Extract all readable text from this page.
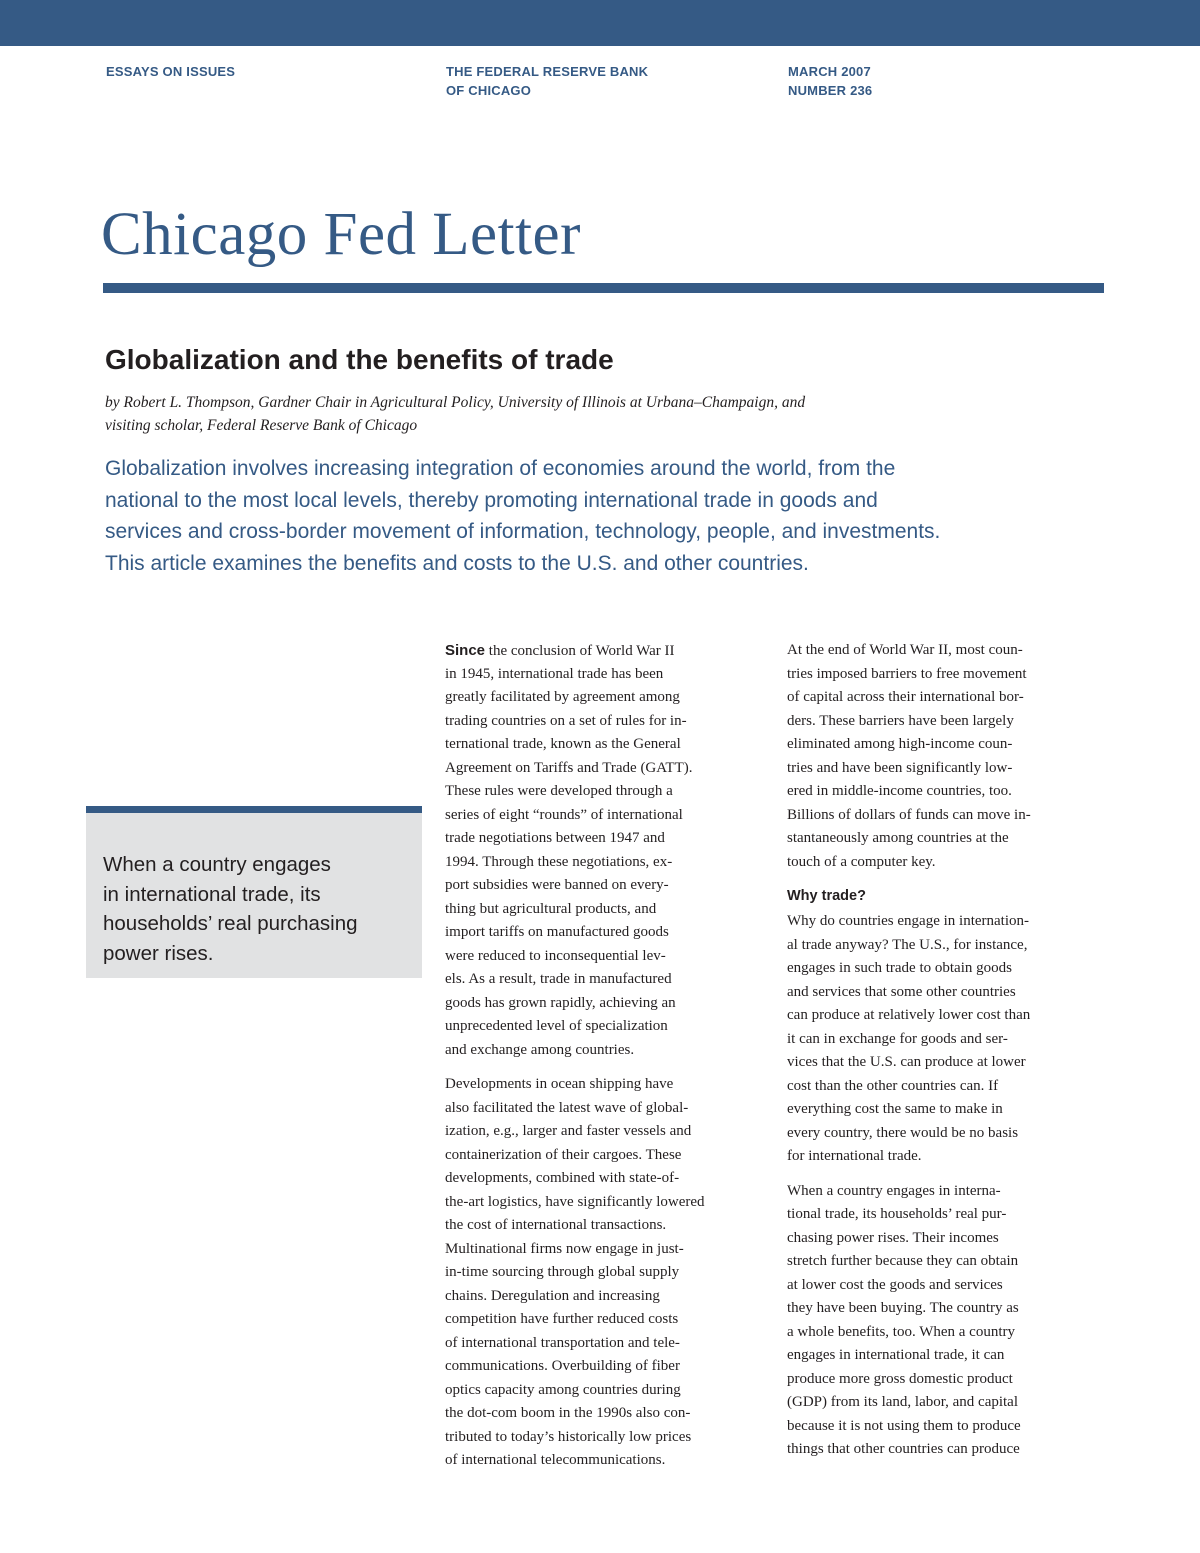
ESSAYS ON ISSUES	THE FEDERAL RESERVE BANK
OF CHICAGO
MARCH 2007
NUMBER 236
Chicago Fed Letter
Globalization and the benefits of trade
by Robert L. Thompson, Gardner Chair in Agricultural Policy, University of Illinois at Urbana–Champaign, and
visiting scholar, Federal Reserve Bank of Chicago
Globalization involves increasing integration of economies around the world, from the
national to the most local levels, thereby promoting international trade in goods and
services and cross-border movement of information, technology, people, and investments.
This article examines the benefits and costs to the U.S. and other countries.
When a country engages
in international trade, its
households’ real purchasing
power rises.
Since the conclusion of World War II
in 1945, international trade has been
greatly facilitated by agreement among
trading countries on a set of rules for in-
ternational trade, known as the General
Agreement on Tariffs and Trade (GATT).
These rules were developed through a
series of eight “rounds” of international
trade negotiations between 1947 and
1994. Through these negotiations, ex-
port subsidies were banned on every-
thing but agricultural products, and
import tariffs on manufactured goods
were reduced to inconsequential lev-
els. As a result, trade in manufactured
goods has grown rapidly, achieving an
unprecedented level of specialization
and exchange among countries.
Developments in ocean shipping have
also facilitated the latest wave of global-
ization, e.g., larger and faster vessels and
containerization of their cargoes. These
developments, combined with state-of-
the-art logistics, have significantly lowered
the cost of international transactions.
Multinational firms now engage in just-
in-time sourcing through global supply
chains. Deregulation and increasing
competition have further reduced costs
of international transportation and tele-
communications. Overbuilding of fiber
optics capacity among countries during
the dot-com boom in the 1990s also con-
tributed to today’s historically low prices
of international telecommunications.
At the end of World War II, most coun-
tries imposed barriers to free movement
of capital across their international bor-
ders. These barriers have been largely
eliminated among high-income coun-
tries and have been significantly low-
ered in middle-income countries, too.
Billions of dollars of funds can move in-
stantaneously among countries at the
touch of a computer key.
Why trade?
Why do countries engage in internation-
al trade anyway? The U.S., for instance,
engages in such trade to obtain goods
and services that some other countries
can produce at relatively lower cost than
it can in exchange for goods and ser-
vices that the U.S. can produce at lower
cost than the other countries can. If
everything cost the same to make in
every country, there would be no basis
for international trade.
When a country engages in interna-
tional trade, its households’ real pur-
chasing power rises. Their incomes
stretch further because they can obtain
at lower cost the goods and services
they have been buying. The country as
a whole benefits, too. When a country
engages in international trade, it can
produce more gross domestic product
(GDP) from its land, labor, and capital
because it is not using them to produce
things that other countries can produce
